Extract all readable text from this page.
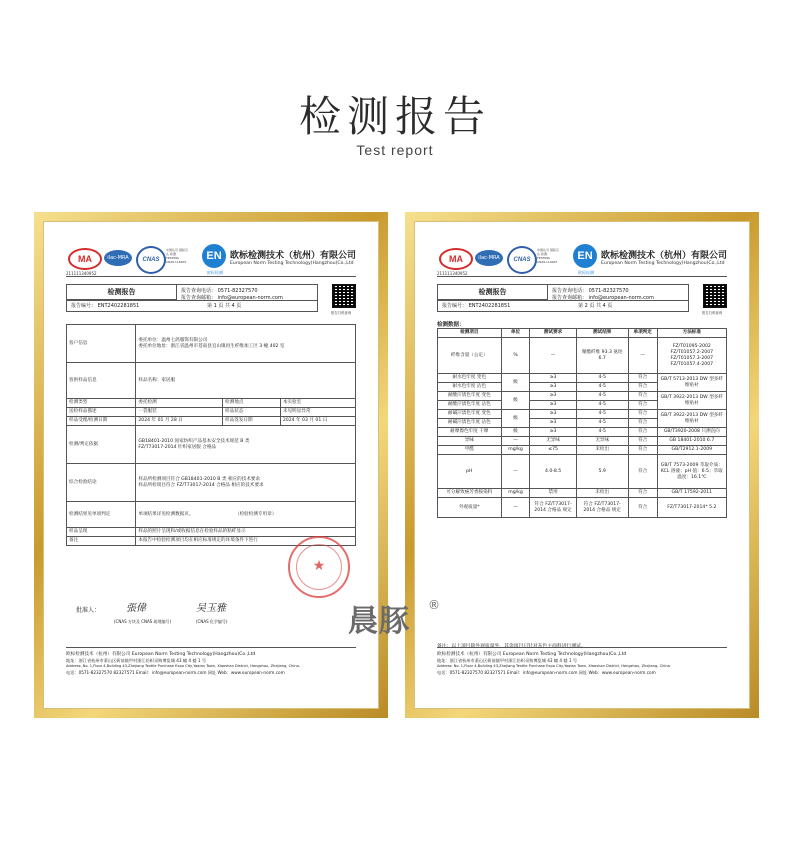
检测报告
Test report
MA
211111340952
ilac-MRA	CNAS
中国认可 国际互认 检测 TESTING CNAS L16007	EN
欧标检测
欧标检测技术（杭州）有限公司
European Norm Testing Technology(Hangzhou)Co.,Ltd
检测报告	报告查询电话： 0571-82327570
报告查询邮箱： info@european-norm.com
报告编号： ENT2402281851	第 1 页 共 4 页
报告扫码查询
客户信息	委托单位：温州七鸽服饰有限公司
委托单位地址：浙江省温州市苍南县宜山镇再生纤维加工区 3 幢 402 室		
客供样品信息	样品名称：家居服		
检测类型	委托检测	检测地点	本实验室
送检样品描述	一袋服装	样品状态	未见明显异常
样品受理/检测日期	2024 年 01 月 28 日	样品签发日期	2024 年 03 月 01 日
检测/判定依据	GB18401-2010 国家纺织产品基本安全技术规范 B 类
FZ/T73017-2014 针织家居服 合格品		
综合检验结论	样品所检测项目符合 GB18401-2010 B 类 相应的技术要求
样品所检项目符合 FZ/T73017-2014 合格品 相应的技术要求		
检测结果见单项判定	单项结果详见检测数据页。 （检验检测专用章）		
样品呈现	样品的照片呈现和/或收据信息在检验样品的粘纤显示		
备注	本报告中检验检测项目均在相应标准规定的环境条件下进行		
★
批准人：	張偉	吴玉雅
(CNAS 方块及 CNAS 助理编号)	(CNAS 化学编号)
欧标检测技术（杭州）有限公司 European Norm Testing Technology(Hangzhou)Co.,Ltd
地址：浙江省杭州市萧山区衙前镇甲村浙江纺织采购博览城 43 幢 4 楼 1 号
Address: No. 1,Floor 4,Building 43,Zhejiang Textile Purchase Expo City,Yaqian Town, Xiaoshan District, Hangzhou, Zhejiang, China.
电话：0571-82327570 82327571 Email：info@european-norm.com 网址 Web：www.european-norm.com
MA
211111340952
ilac-MRA	CNAS
中国认可 国际互认 检测 TESTING CNAS L16007	EN
欧标检测
欧标检测技术（杭州）有限公司
European Norm Testing Technology(Hangzhou)Co.,Ltd
检测报告	报告查询电话： 0571-82327570
报告查询邮箱： info@european-norm.com
报告编号： ENT2402281851	第 2 页 共 4 页
报告扫码查询
检测数据：
检测项目	单位	测试要求	测试结果	单项判定	方法标准
纤维含量（公定）	%	—	聚酯纤维 93.3 氨纶 6.7	—	FZ/T01095-2002 FZ/T01057.2-2007 FZ/T01057.3-2007 FZ/T01057.4-2007
耐水色牢度 变色	级	≥3	4-5	符合	GB/T 5713-2013 DW 型多纤维贴衬
耐水色牢度 沾色		≥3	4-5	符合	
耐酸汗渍色牢度 变色	级	≥3	4-5	符合	GB/T 3922-2013 DW 型多纤维贴衬
耐酸汗渍色牢度 沾色		≥3	4-5	符合	
耐碱汗渍色牢度 变色	级	≥3	4-5	符合	GB/T 3922-2013 DW 型多纤维贴衬
耐碱汗渍色牢度 沾色		≥3	4-5	符合	
耐摩擦色牢度 干摩	级	≥3	4-5	符合	GB/T3920-2008 只测直向
异味	—	无异味	无异味	符合	GB 18401-2010 6.7
甲醛	mg/kg	≤75	未检出	符合	GB/T2912.1-2009
pH	—	4.0-8.5	5.9	符合	GB/T 7573-2009 萃取介质：KCL 溶液；pH 值：6.5；萃取温度：16.1℃
可分解致癌芳香胺染料	mg/kg	禁用	未检出	符合	GB/T 17592-2011
外观质量*	—	符合 FZ/T73017-2014 合格品 规定	符合 FZ/T73017-2014 合格品 规定	符合	FZ/T73017-2014* 5.2
备注：以上项目除外观质量外，其余项目只针对灰色主面料进行测试。
欧标检测技术（杭州）有限公司 European Norm Testing Technology(Hangzhou)Co.,Ltd
地址：浙江省杭州市萧山区衙前镇甲村浙江纺织采购博览城 43 幢 4 楼 1 号
Address: No. 1,Floor 4,Building 43,Zhejiang Textile Purchase Expo City,Yaqian Town, Xiaoshan District, Hangzhou, Zhejiang, China.
电话：0571-82327570 82327571 Email：info@european-norm.com 网址 Web：www.european-norm.com
晨豚 ®
